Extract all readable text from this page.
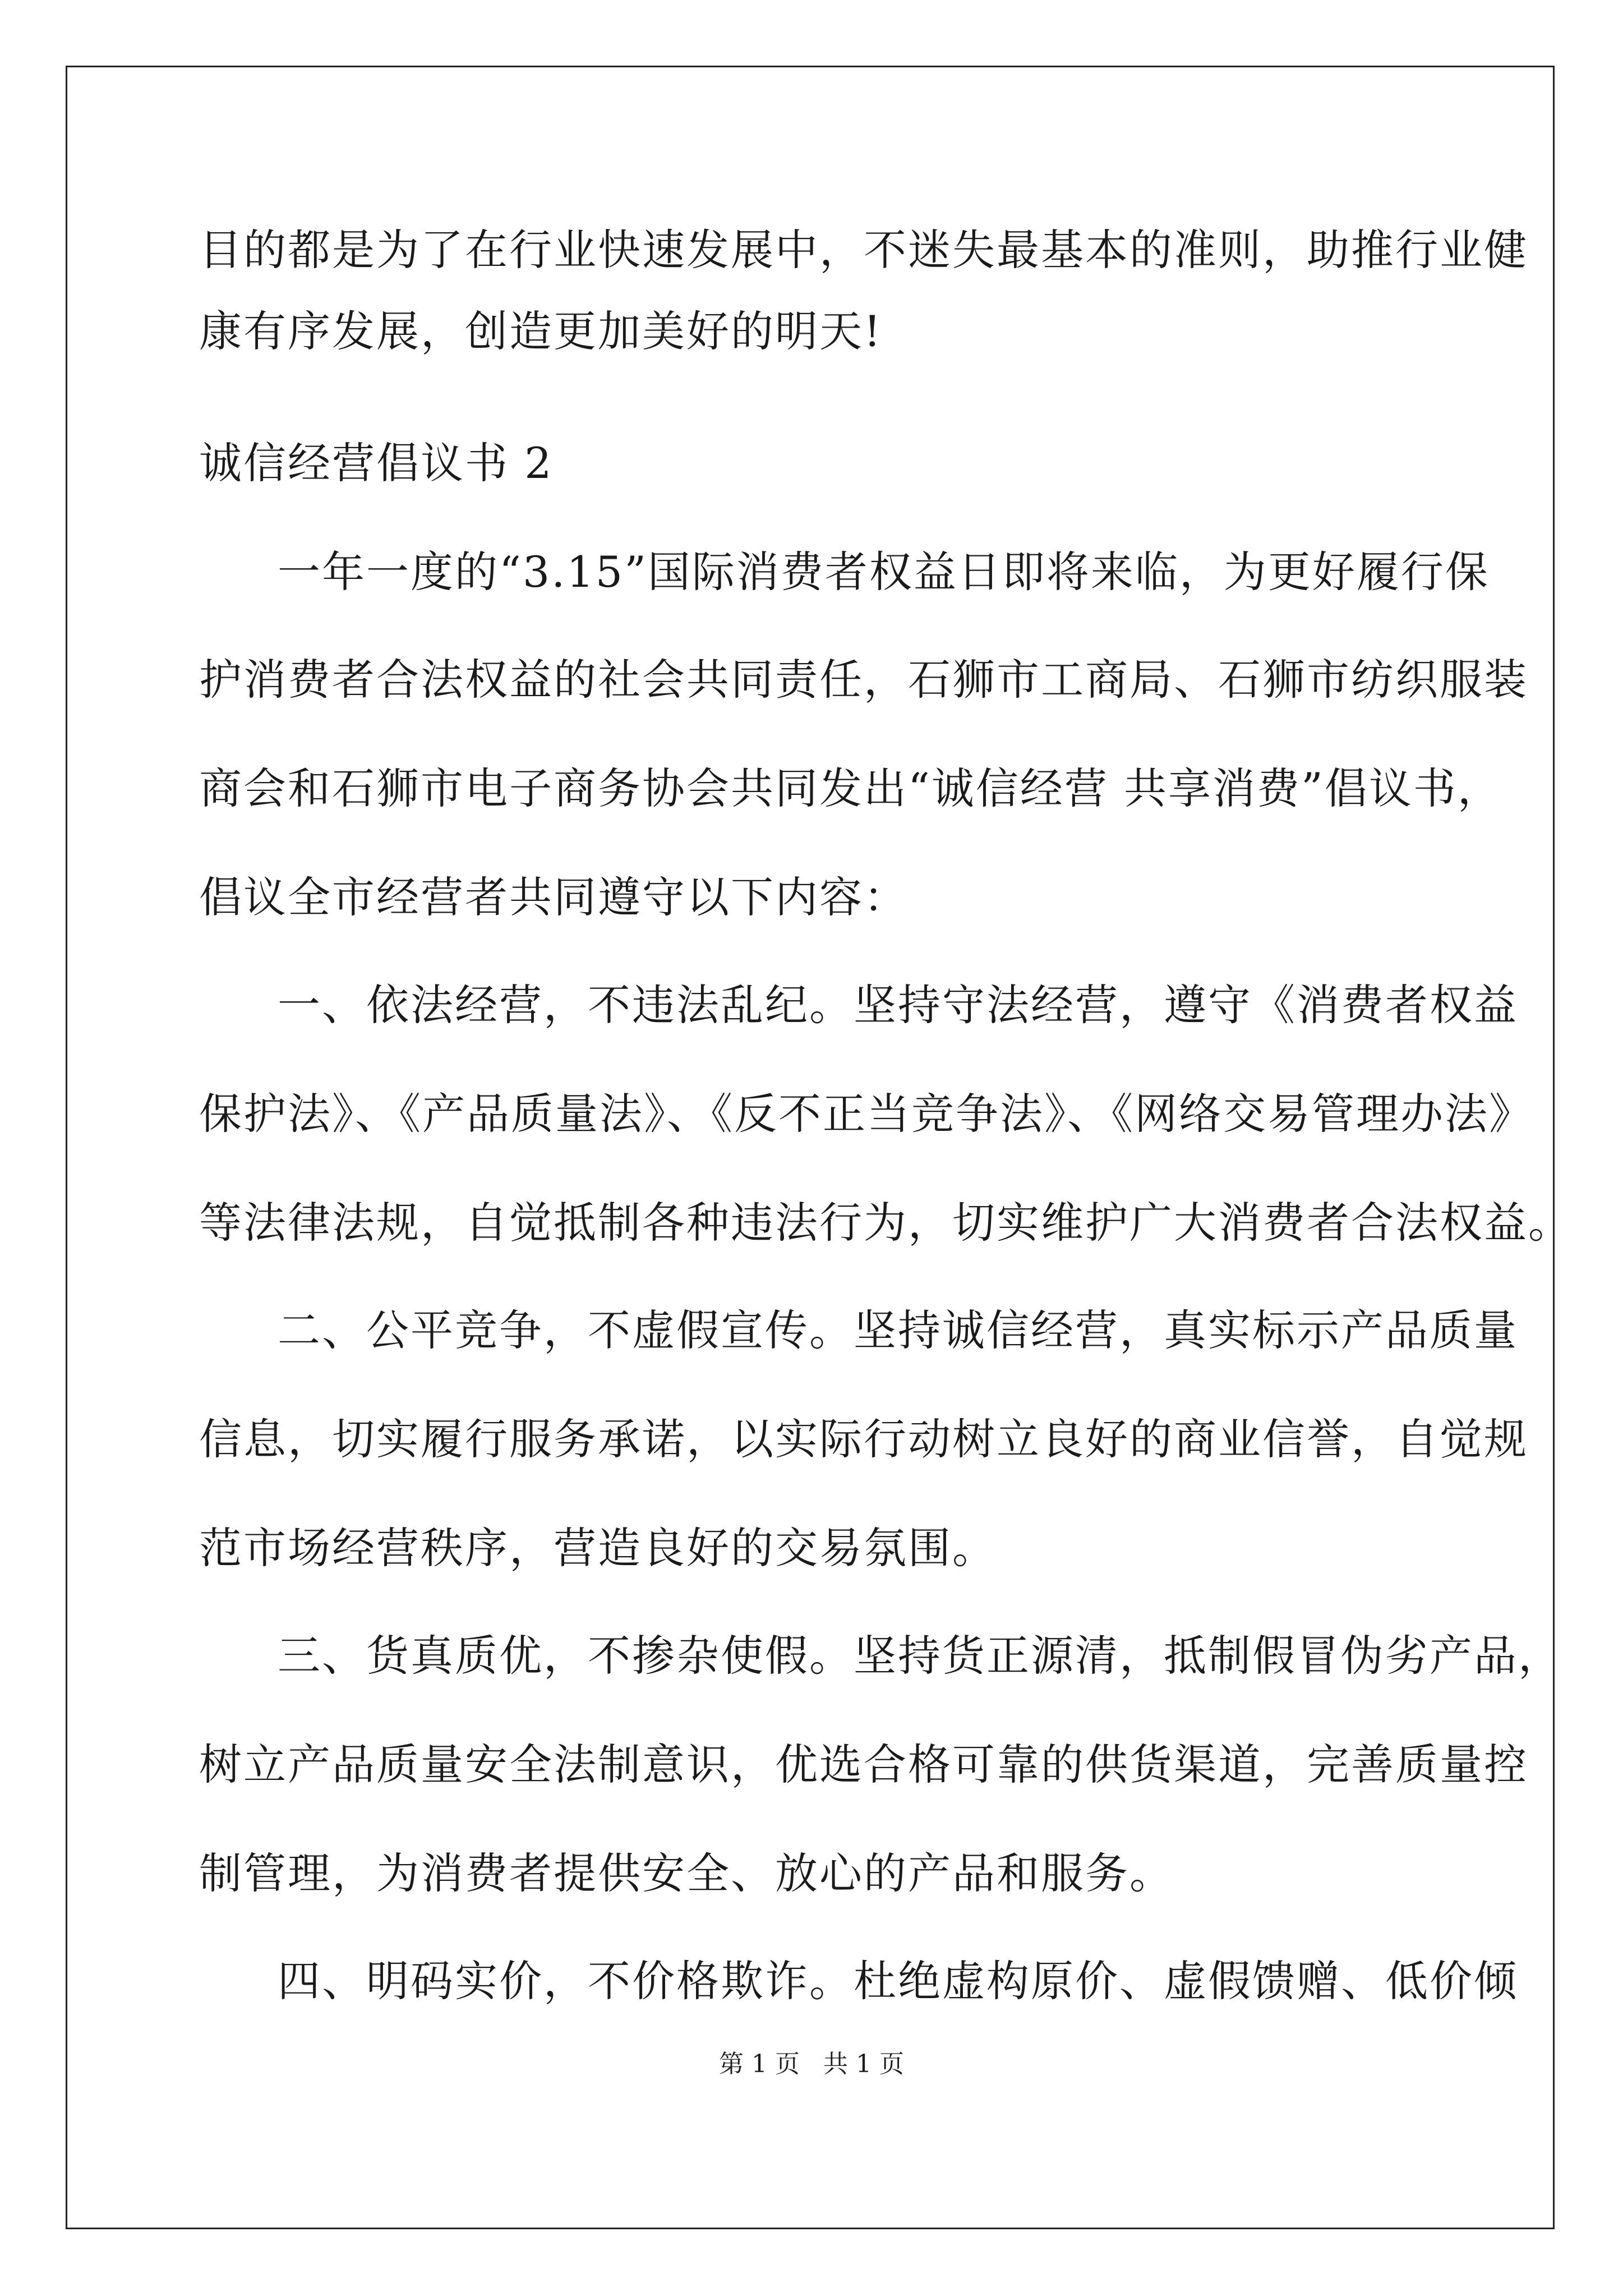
目的都是为了在行业快速发展中，不迷失最基本的准则，助推行业健
康有序发展，创造更加美好的明天!
诚信经营倡议书 2
一年一度的“3.15”国际消费者权益日即将来临，为更好履行保
护消费者合法权益的社会共同责任，石狮市工商局、石狮市纺织服装
商会和石狮市电子商务协会共同发出“诚信经营 共享消费”倡议书，
倡议全市经营者共同遵守以下内容：
一、依法经营，不违法乱纪。坚持守法经营，遵守《消费者权益
保护法》、《产品质量法》、《反不正当竞争法》、《网络交易管理办法》
等法律法规，自觉抵制各种违法行为，切实维护广大消费者合法权益。
二、公平竞争，不虚假宣传。坚持诚信经营，真实标示产品质量
信息，切实履行服务承诺，以实际行动树立良好的商业信誉，自觉规
范市场经营秩序，营造良好的交易氛围。
三、货真质优，不掺杂使假。坚持货正源清，抵制假冒伪劣产品，
树立产品质量安全法制意识，优选合格可靠的供货渠道，完善质量控
制管理，为消费者提供安全、放心的产品和服务。
四、明码实价，不价格欺诈。杜绝虚构原价、虚假馈赠、低价倾
第 1 页   共 1 页
